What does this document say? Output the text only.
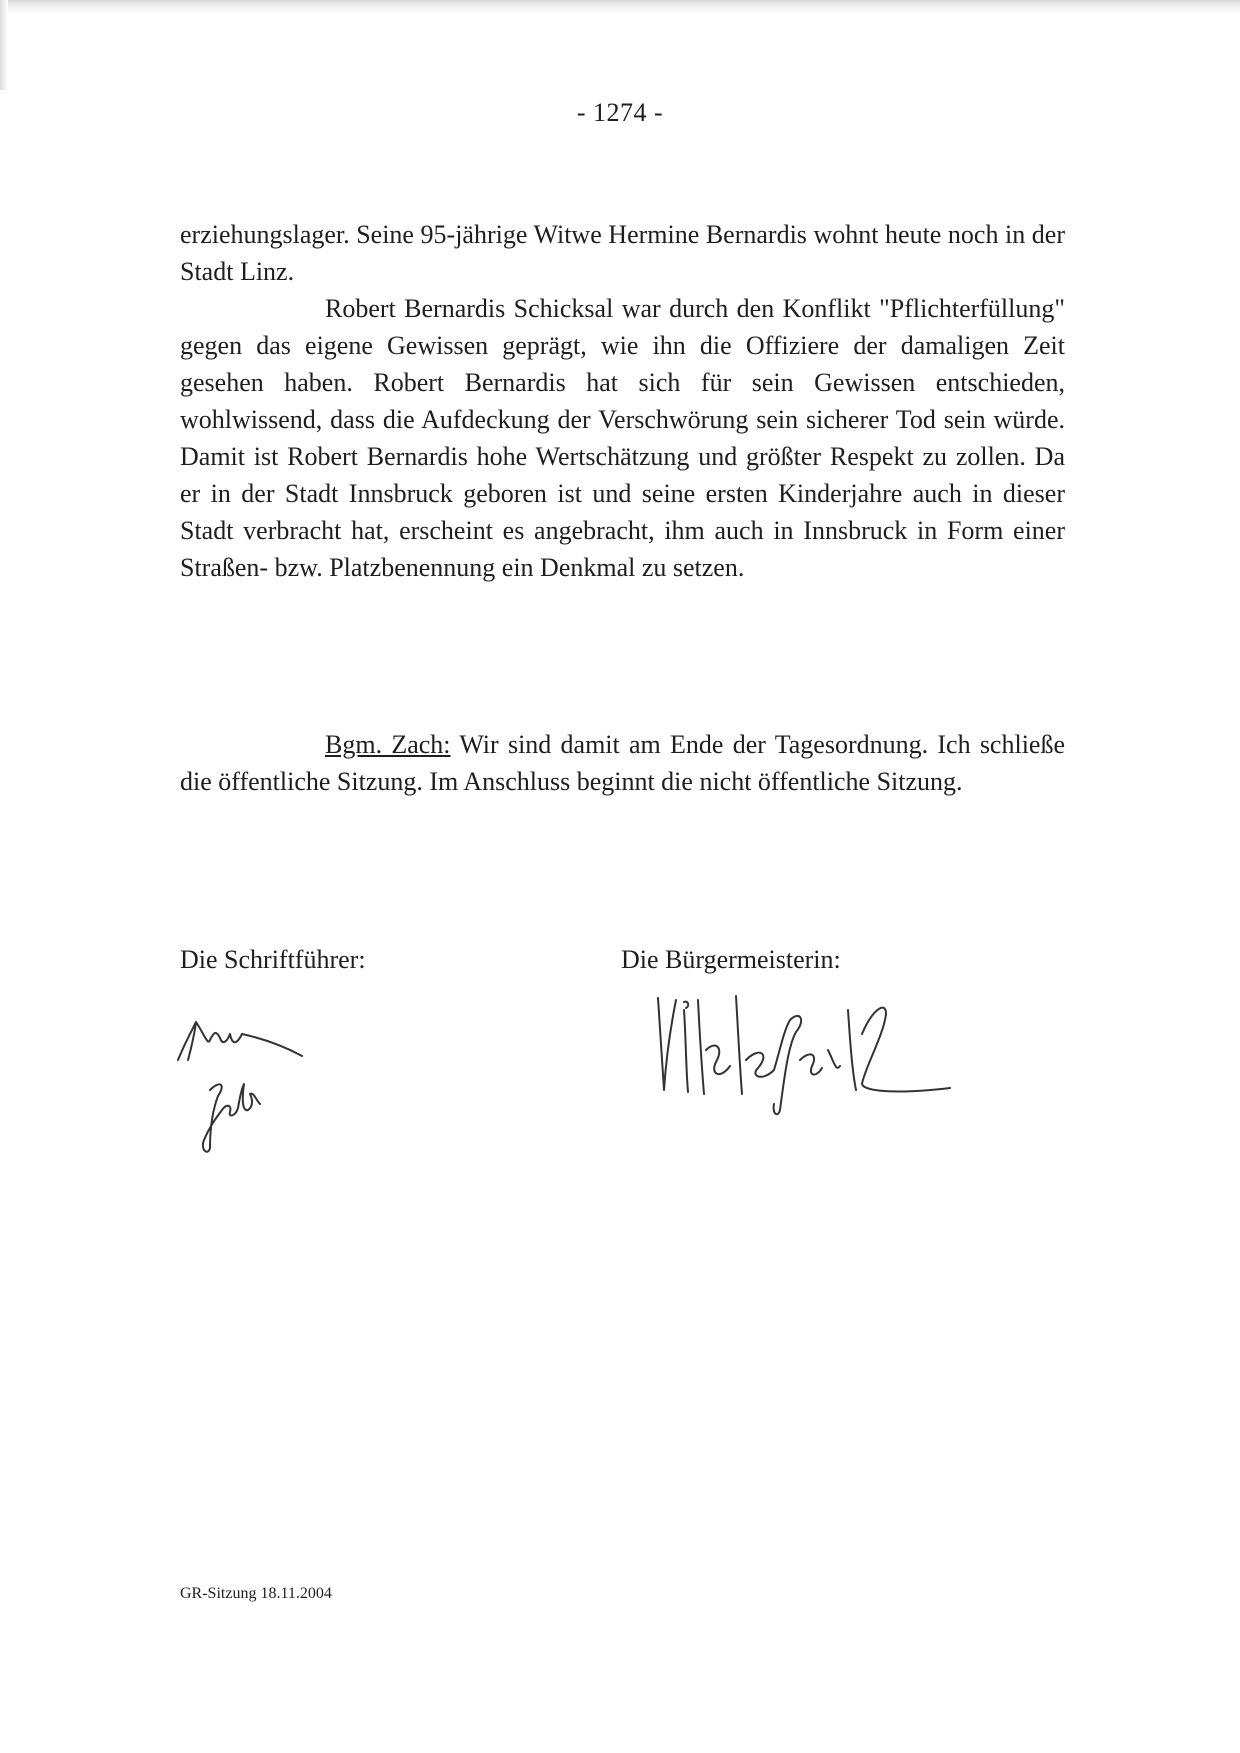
- 1274 -

erziehungslager. Seine 95-jährige Witwe Hermine Bernardis wohnt heute noch in der Stadt Linz.

Robert Bernardis Schicksal war durch den Konflikt "Pflichterfüllung" gegen das eigene Gewissen geprägt, wie ihn die Offiziere der damaligen Zeit gesehen haben. Robert Bernardis hat sich für sein Gewissen entschieden, wohlwissend, dass die Aufdeckung der Verschwörung sein sicherer Tod sein würde. Damit ist Robert Bernardis hohe Wertschätzung und größter Respekt zu zollen. Da er in der Stadt Innsbruck geboren ist und seine ersten Kinderjahre auch in dieser Stadt verbracht hat, erscheint es angebracht, ihm auch in Innsbruck in Form einer Straßen- bzw. Platzbenennung ein Denkmal zu setzen.

Bgm. Zach: Wir sind damit am Ende der Tagesordnung. Ich schließe die öffentliche Sitzung. Im Anschluss beginnt die nicht öffentliche Sitzung.

Die Schriftführer:	Die Bürgermeisterin:
GR-Sitzung 18.11.2004
